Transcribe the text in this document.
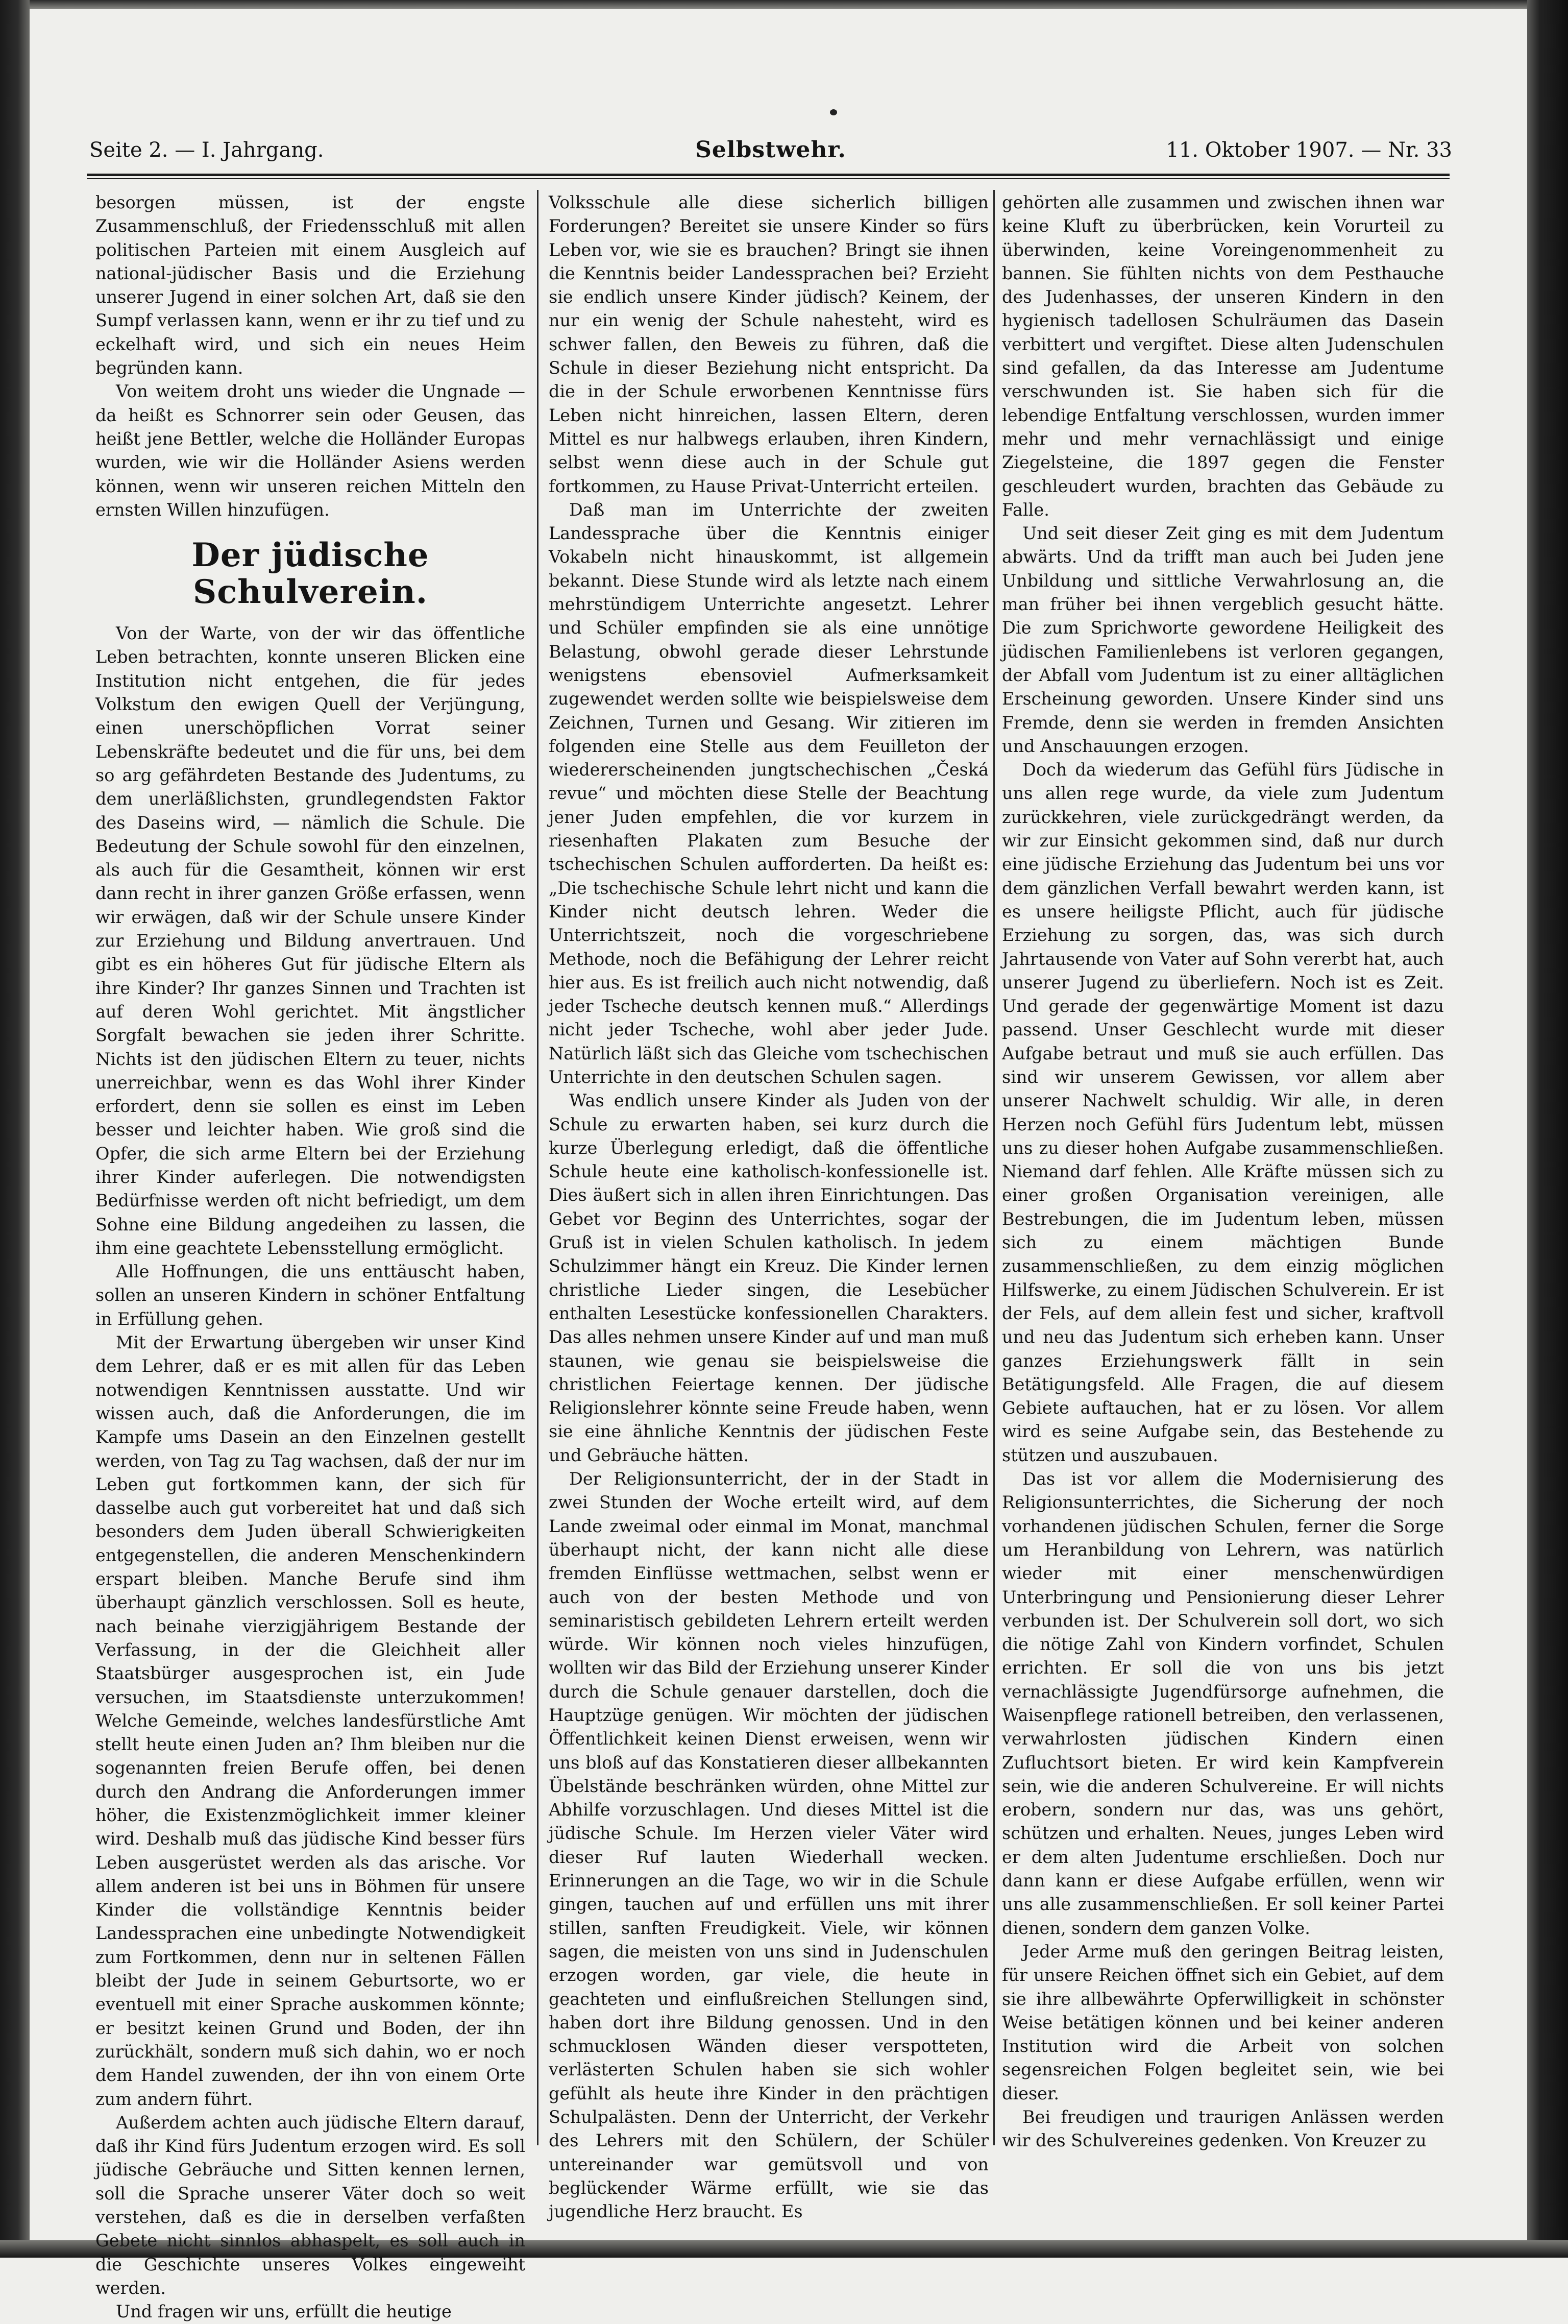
Seite 2. — I. Jahrgang.	Selbstwehr.	11. Oktober 1907. — Nr. 33

besorgen müssen, ist der engste Zusammenschluß, der Friedensschluß mit allen politischen Parteien mit einem Ausgleich auf national-jüdischer Basis und die Erziehung unserer Jugend in einer solchen Art, daß sie den Sumpf verlassen kann, wenn er ihr zu tief und zu eckelhaft wird, und sich ein neues Heim begründen kann.

Von weitem droht uns wieder die Ungnade — da heißt es Schnorrer sein oder Geusen, das heißt jene Bettler, welche die Holländer Europas wurden, wie wir die Holländer Asiens werden können, wenn wir unseren reichen Mitteln den ernsten Willen hinzufügen.

Der jüdische Schulverein.

Von der Warte, von der wir das öffentliche Leben betrachten, konnte unseren Blicken eine Institution nicht entgehen, die für jedes Volkstum den ewigen Quell der Verjüngung, einen unerschöpflichen Vorrat seiner Lebenskräfte bedeutet und die für uns, bei dem so arg gefährdeten Bestande des Judentums, zu dem unerläßlichsten, grundlegendsten Faktor des Daseins wird, — nämlich die Schule. Die Bedeutung der Schule sowohl für den einzelnen, als auch für die Gesamtheit, können wir erst dann recht in ihrer ganzen Größe erfassen, wenn wir erwägen, daß wir der Schule unsere Kinder zur Erziehung und Bildung anvertrauen. Und gibt es ein höheres Gut für jüdische Eltern als ihre Kinder? Ihr ganzes Sinnen und Trachten ist auf deren Wohl gerichtet. Mit ängstlicher Sorgfalt bewachen sie jeden ihrer Schritte. Nichts ist den jüdischen Eltern zu teuer, nichts unerreichbar, wenn es das Wohl ihrer Kinder erfordert, denn sie sollen es einst im Leben besser und leichter haben. Wie groß sind die Opfer, die sich arme Eltern bei der Erziehung ihrer Kinder auferlegen. Die notwendigsten Bedürfnisse werden oft nicht befriedigt, um dem Sohne eine Bildung angedeihen zu lassen, die ihm eine geachtete Lebensstellung ermöglicht.

Alle Hoffnungen, die uns enttäuscht haben, sollen an unseren Kindern in schöner Entfaltung in Erfüllung gehen.

Mit der Erwartung übergeben wir unser Kind dem Lehrer, daß er es mit allen für das Leben notwendigen Kenntnissen ausstatte. Und wir wissen auch, daß die Anforderungen, die im Kampfe ums Dasein an den Einzelnen gestellt werden, von Tag zu Tag wachsen, daß der nur im Leben gut fortkommen kann, der sich für dasselbe auch gut vorbereitet hat und daß sich besonders dem Juden überall Schwierigkeiten entgegenstellen, die anderen Menschenkindern erspart bleiben. Manche Berufe sind ihm überhaupt gänzlich verschlossen. Soll es heute, nach beinahe vierzigjährigem Bestande der Verfassung, in der die Gleichheit aller Staatsbürger ausgesprochen ist, ein Jude versuchen, im Staatsdienste unterzukommen! Welche Gemeinde, welches landesfürstliche Amt stellt heute einen Juden an? Ihm bleiben nur die sogenannten freien Berufe offen, bei denen durch den Andrang die Anforderungen immer höher, die Existenzmöglichkeit immer kleiner wird. Deshalb muß das jüdische Kind besser fürs Leben ausgerüstet werden als das arische. Vor allem anderen ist bei uns in Böhmen für unsere Kinder die vollständige Kenntnis beider Landessprachen eine unbedingte Notwendigkeit zum Fortkommen, denn nur in seltenen Fällen bleibt der Jude in seinem Geburtsorte, wo er eventuell mit einer Sprache auskommen könnte; er besitzt keinen Grund und Boden, der ihn zurückhält, sondern muß sich dahin, wo er noch dem Handel zuwenden, der ihn von einem Orte zum andern führt.

Außerdem achten auch jüdische Eltern darauf, daß ihr Kind fürs Judentum erzogen wird. Es soll jüdische Gebräuche und Sitten kennen lernen, soll die Sprache unserer Väter doch so weit verstehen, daß es die in derselben verfaßten Gebete nicht sinnlos abhaspelt, es soll auch in die Geschichte unseres Volkes eingeweiht werden.

Und fragen wir uns, erfüllt die heutige

Volksschule alle diese sicherlich billigen Forderungen? Bereitet sie unsere Kinder so fürs Leben vor, wie sie es brauchen? Bringt sie ihnen die Kenntnis beider Landessprachen bei? Erzieht sie endlich unsere Kinder jüdisch? Keinem, der nur ein wenig der Schule nahesteht, wird es schwer fallen, den Beweis zu führen, daß die Schule in dieser Beziehung nicht entspricht. Da die in der Schule erworbenen Kenntnisse fürs Leben nicht hinreichen, lassen Eltern, deren Mittel es nur halbwegs erlauben, ihren Kindern, selbst wenn diese auch in der Schule gut fortkommen, zu Hause Privat-Unterricht erteilen.

Daß man im Unterrichte der zweiten Landessprache über die Kenntnis einiger Vokabeln nicht hinauskommt, ist allgemein bekannt. Diese Stunde wird als letzte nach einem mehrstündigem Unterrichte angesetzt. Lehrer und Schüler empfinden sie als eine unnötige Belastung, obwohl gerade dieser Lehrstunde wenigstens ebensoviel Aufmerksamkeit zugewendet werden sollte wie beispielsweise dem Zeichnen, Turnen und Gesang. Wir zitieren im folgenden eine Stelle aus dem Feuilleton der wiedererscheinenden jungtschechischen „Česká revue“ und möchten diese Stelle der Beachtung jener Juden empfehlen, die vor kurzem in riesenhaften Plakaten zum Besuche der tschechischen Schulen aufforderten. Da heißt es: „Die tschechische Schule lehrt nicht und kann die Kinder nicht deutsch lehren. Weder die Unterrichtszeit, noch die vorgeschriebene Methode, noch die Befähigung der Lehrer reicht hier aus. Es ist freilich auch nicht notwendig, daß jeder Tscheche deutsch kennen muß.“ Allerdings nicht jeder Tscheche, wohl aber jeder Jude. Natürlich läßt sich das Gleiche vom tschechischen Unterrichte in den deutschen Schulen sagen.

Was endlich unsere Kinder als Juden von der Schule zu erwarten haben, sei kurz durch die kurze Überlegung erledigt, daß die öffentliche Schule heute eine katholisch-konfessionelle ist. Dies äußert sich in allen ihren Einrichtungen. Das Gebet vor Beginn des Unterrichtes, sogar der Gruß ist in vielen Schulen katholisch. In jedem Schulzimmer hängt ein Kreuz. Die Kinder lernen christliche Lieder singen, die Lesebücher enthalten Lesestücke konfessionellen Charakters. Das alles nehmen unsere Kinder auf und man muß staunen, wie genau sie beispielsweise die christlichen Feiertage kennen. Der jüdische Religionslehrer könnte seine Freude haben, wenn sie eine ähnliche Kenntnis der jüdischen Feste und Gebräuche hätten.

Der Religionsunterricht, der in der Stadt in zwei Stunden der Woche erteilt wird, auf dem Lande zweimal oder einmal im Monat, manchmal überhaupt nicht, der kann nicht alle diese fremden Einflüsse wettmachen, selbst wenn er auch von der besten Methode und von seminaristisch gebildeten Lehrern erteilt werden würde. Wir können noch vieles hinzufügen, wollten wir das Bild der Erziehung unserer Kinder durch die Schule genauer darstellen, doch die Hauptzüge genügen. Wir möchten der jüdischen Öffentlichkeit keinen Dienst erweisen, wenn wir uns bloß auf das Konstatieren dieser allbekannten Übelstände beschränken würden, ohne Mittel zur Abhilfe vorzuschlagen. Und dieses Mittel ist die jüdische Schule. Im Herzen vieler Väter wird dieser Ruf lauten Wiederhall wecken. Erinnerungen an die Tage, wo wir in die Schule gingen, tauchen auf und erfüllen uns mit ihrer stillen, sanften Freudigkeit. Viele, wir können sagen, die meisten von uns sind in Judenschulen erzogen worden, gar viele, die heute in geachteten und einflußreichen Stellungen sind, haben dort ihre Bildung genossen. Und in den schmucklosen Wänden dieser verspotteten, verlästerten Schulen haben sie sich wohler gefühlt als heute ihre Kinder in den prächtigen Schulpalästen. Denn der Unterricht, der Verkehr des Lehrers mit den Schülern, der Schüler untereinander war gemütsvoll und von beglückender Wärme erfüllt, wie sie das jugendliche Herz braucht. Es

gehörten alle zusammen und zwischen ihnen war keine Kluft zu überbrücken, kein Vorurteil zu überwinden, keine Voreingenommenheit zu bannen. Sie fühlten nichts von dem Pesthauche des Judenhasses, der unseren Kindern in den hygienisch tadellosen Schulräumen das Dasein verbittert und vergiftet. Diese alten Judenschulen sind gefallen, da das Interesse am Judentume verschwunden ist. Sie haben sich für die lebendige Entfaltung verschlossen, wurden immer mehr und mehr vernachlässigt und einige Ziegelsteine, die 1897 gegen die Fenster geschleudert wurden, brachten das Gebäude zu Falle.

Und seit dieser Zeit ging es mit dem Judentum abwärts. Und da trifft man auch bei Juden jene Unbildung und sittliche Verwahrlosung an, die man früher bei ihnen vergeblich gesucht hätte. Die zum Sprichworte gewordene Heiligkeit des jüdischen Familienlebens ist verloren gegangen, der Abfall vom Judentum ist zu einer alltäglichen Erscheinung geworden. Unsere Kinder sind uns Fremde, denn sie werden in fremden Ansichten und Anschauungen erzogen.

Doch da wiederum das Gefühl fürs Jüdische in uns allen rege wurde, da viele zum Judentum zurückkehren, viele zurückgedrängt werden, da wir zur Einsicht gekommen sind, daß nur durch eine jüdische Erziehung das Judentum bei uns vor dem gänzlichen Verfall bewahrt werden kann, ist es unsere heiligste Pflicht, auch für jüdische Erziehung zu sorgen, das, was sich durch Jahrtausende von Vater auf Sohn vererbt hat, auch unserer Jugend zu überliefern. Noch ist es Zeit. Und gerade der gegenwärtige Moment ist dazu passend. Unser Geschlecht wurde mit dieser Aufgabe betraut und muß sie auch erfüllen. Das sind wir unserem Gewissen, vor allem aber unserer Nachwelt schuldig. Wir alle, in deren Herzen noch Gefühl fürs Judentum lebt, müssen uns zu dieser hohen Aufgabe zusammenschließen. Niemand darf fehlen. Alle Kräfte müssen sich zu einer großen Organisation vereinigen, alle Bestrebungen, die im Judentum leben, müssen sich zu einem mächtigen Bunde zusammenschließen, zu dem einzig möglichen Hilfswerke, zu einem Jüdischen Schulverein. Er ist der Fels, auf dem allein fest und sicher, kraftvoll und neu das Judentum sich erheben kann. Unser ganzes Erziehungswerk fällt in sein Betätigungsfeld. Alle Fragen, die auf diesem Gebiete auftauchen, hat er zu lösen. Vor allem wird es seine Aufgabe sein, das Bestehende zu stützen und auszubauen.

Das ist vor allem die Modernisierung des Religionsunterrichtes, die Sicherung der noch vorhandenen jüdischen Schulen, ferner die Sorge um Heranbildung von Lehrern, was natürlich wieder mit einer menschenwürdigen Unterbringung und Pensionierung dieser Lehrer verbunden ist. Der Schulverein soll dort, wo sich die nötige Zahl von Kindern vorfindet, Schulen errichten. Er soll die von uns bis jetzt vernachlässigte Jugendfürsorge aufnehmen, die Waisenpflege rationell betreiben, den verlassenen, verwahrlosten jüdischen Kindern einen Zufluchtsort bieten. Er wird kein Kampfverein sein, wie die anderen Schulvereine. Er will nichts erobern, sondern nur das, was uns gehört, schützen und erhalten. Neues, junges Leben wird er dem alten Judentume erschließen. Doch nur dann kann er diese Aufgabe erfüllen, wenn wir uns alle zusammenschließen. Er soll keiner Partei dienen, sondern dem ganzen Volke.

Jeder Arme muß den geringen Beitrag leisten, für unsere Reichen öffnet sich ein Gebiet, auf dem sie ihre allbewährte Opferwilligkeit in schönster Weise betätigen können und bei keiner anderen Institution wird die Arbeit von solchen segensreichen Folgen begleitet sein, wie bei dieser.

Bei freudigen und traurigen Anlässen werden wir des Schulvereines gedenken. Von Kreuzer zu
